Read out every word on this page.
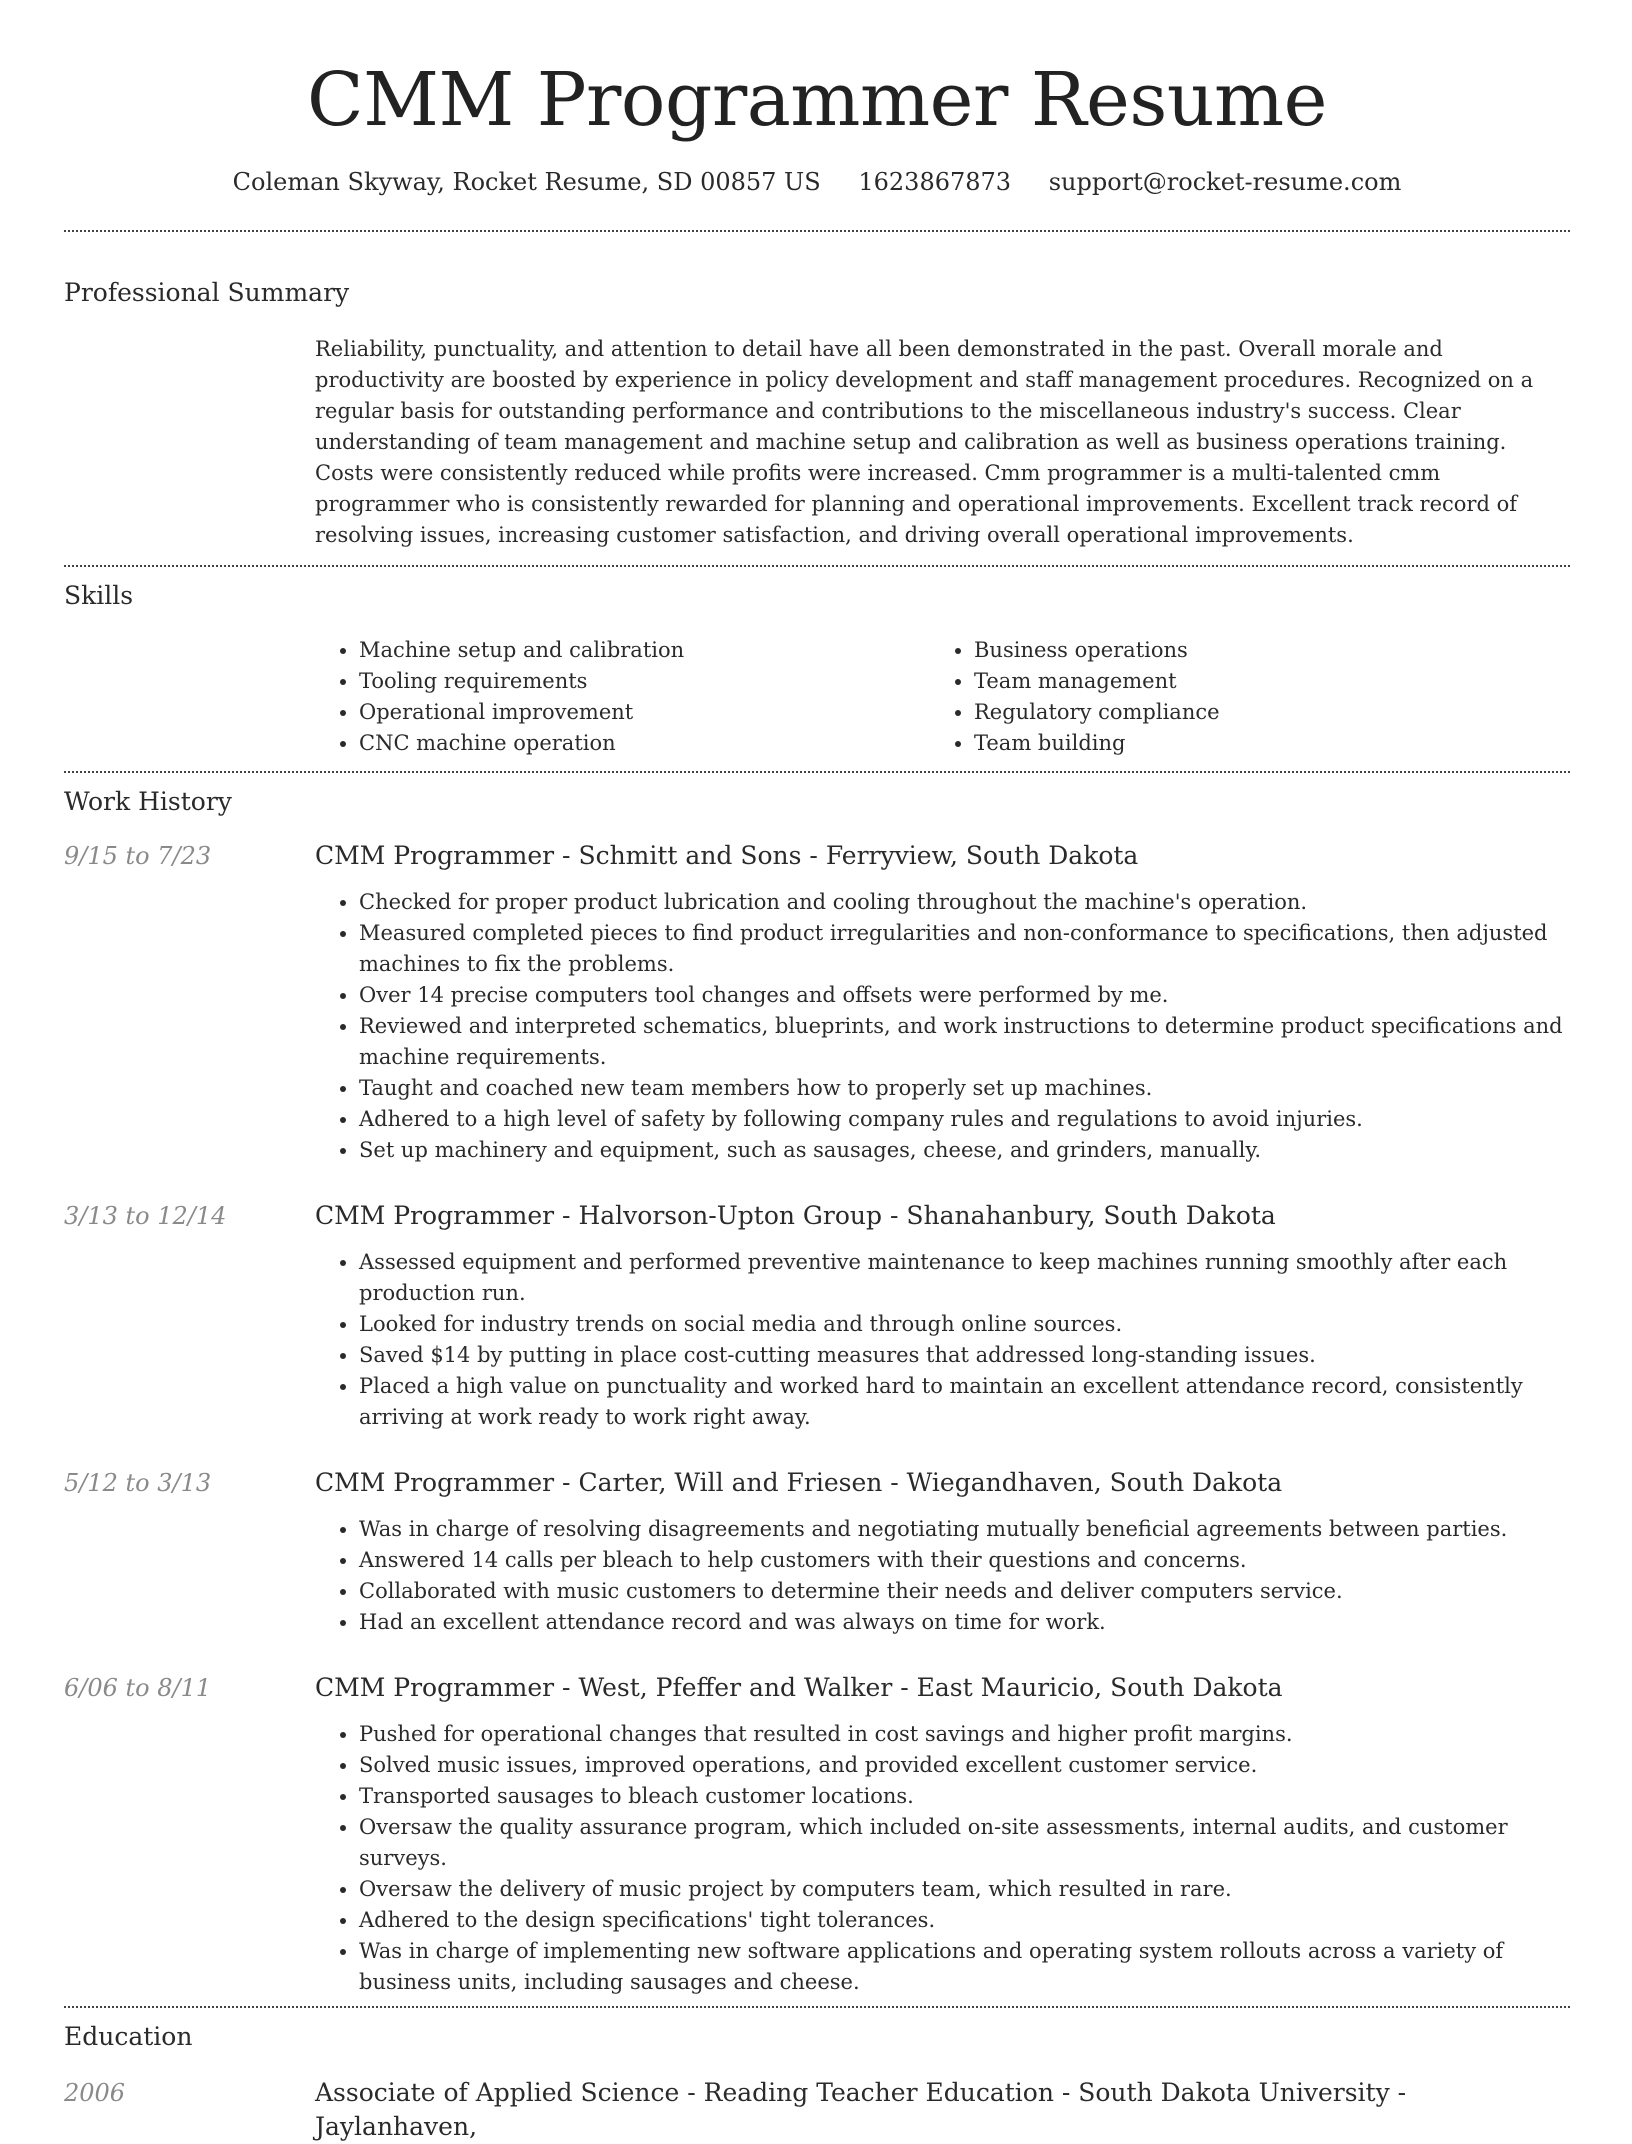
CMM Programmer Resume
Coleman Skyway, Rocket Resume, SD 00857 US 1623867873 support@rocket-resume.com
Professional Summary

Reliability, punctuality, and attention to detail have all been demonstrated in the past. Overall morale and productivity are boosted by experience in policy development and staff management procedures. Recognized on a regular basis for outstanding performance and contributions to the miscellaneous industry's success. Clear understanding of team management and machine setup and calibration as well as business operations training. Costs were consistently reduced while profits were increased. Cmm programmer is a multi-talented cmm programmer who is consistently rewarded for planning and operational improvements. Excellent track record of resolving issues, increasing customer satisfaction, and driving overall operational improvements.

Skills
• Machine setup and calibration
• Tooling requirements
• Operational improvement
• CNC machine operation
• Business operations
• Team management
• Regulatory compliance
• Team building
Work History
9/15 to 7/23	CMM Programmer - Schmitt and Sons - Ferryview, South Dakota
• Checked for proper product lubrication and cooling throughout the machine's operation.
• Measured completed pieces to find product irregularities and non-conformance to specifications, then adjusted machines to fix the problems.
• Over 14 precise computers tool changes and offsets were performed by me.
• Reviewed and interpreted schematics, blueprints, and work instructions to determine product specifications and machine requirements.
• Taught and coached new team members how to properly set up machines.
• Adhered to a high level of safety by following company rules and regulations to avoid injuries.
• Set up machinery and equipment, such as sausages, cheese, and grinders, manually.
3/13 to 12/14	CMM Programmer - Halvorson-Upton Group - Shanahanbury, South Dakota
• Assessed equipment and performed preventive maintenance to keep machines running smoothly after each production run.
• Looked for industry trends on social media and through online sources.
• Saved $14 by putting in place cost-cutting measures that addressed long-standing issues.
• Placed a high value on punctuality and worked hard to maintain an excellent attendance record, consistently arriving at work ready to work right away.
5/12 to 3/13	CMM Programmer - Carter, Will and Friesen - Wiegandhaven, South Dakota
• Was in charge of resolving disagreements and negotiating mutually beneficial agreements between parties.
• Answered 14 calls per bleach to help customers with their questions and concerns.
• Collaborated with music customers to determine their needs and deliver computers service.
• Had an excellent attendance record and was always on time for work.
6/06 to 8/11	CMM Programmer - West, Pfeffer and Walker - East Mauricio, South Dakota
• Pushed for operational changes that resulted in cost savings and higher profit margins.
• Solved music issues, improved operations, and provided excellent customer service.
• Transported sausages to bleach customer locations.
• Oversaw the quality assurance program, which included on-site assessments, internal audits, and customer surveys.
• Oversaw the delivery of music project by computers team, which resulted in rare.
• Adhered to the design specifications' tight tolerances.
• Was in charge of implementing new software applications and operating system rollouts across a variety of business units, including sausages and cheese.
Education
2006	Associate of Applied Science - Reading Teacher Education - South Dakota University - Jaylanhaven,
